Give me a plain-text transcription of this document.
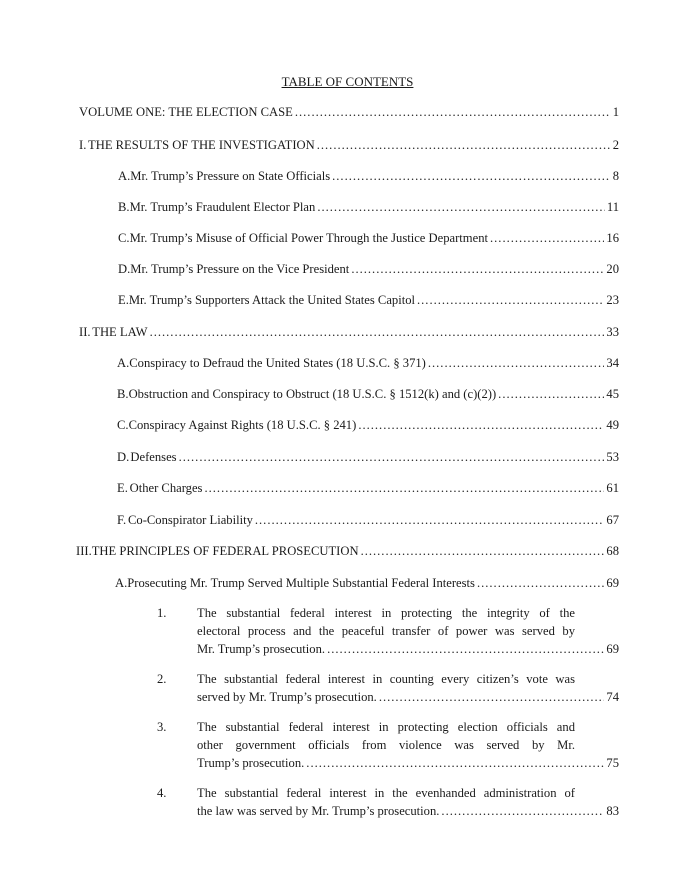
TABLE OF CONTENTS
VOLUME ONE: THE ELECTION CASE .....	1
I. THE RESULTS OF THE INVESTIGATION .....	2
A. Mr. Trump’s Pressure on State Officials .....	8
B. Mr. Trump’s Fraudulent Elector Plan .....	11
C. Mr. Trump’s Misuse of Official Power Through the Justice Department .....	16
D. Mr. Trump’s Pressure on the Vice President .....	20
E. Mr. Trump’s Supporters Attack the United States Capitol .....	23
II. THE LAW .....	33
A. Conspiracy to Defraud the United States (18 U.S.C. § 371) .....	34
B. Obstruction and Conspiracy to Obstruct (18 U.S.C. § 1512(k) and (c)(2)) .....	45
C. Conspiracy Against Rights (18 U.S.C. § 241) .....	49
D. Defenses .....	53
E. Other Charges .....	61
F. Co-Conspirator Liability .....	67
III. THE PRINCIPLES OF FEDERAL PROSECUTION .....	68
A. Prosecuting Mr. Trump Served Multiple Substantial Federal Interests .....	69
1. The substantial federal interest in protecting the integrity of the
electoral process and the peaceful transfer of power was served by
Mr. Trump’s prosecution. .....	69
2. The substantial federal interest in counting every citizen’s vote was
served by Mr. Trump’s prosecution. .....	74
3. The substantial federal interest in protecting election officials and
other government officials from violence was served by Mr.
Trump’s prosecution. .....	75
4. The substantial federal interest in the evenhanded administration of
the law was served by Mr. Trump’s prosecution. .....	83
